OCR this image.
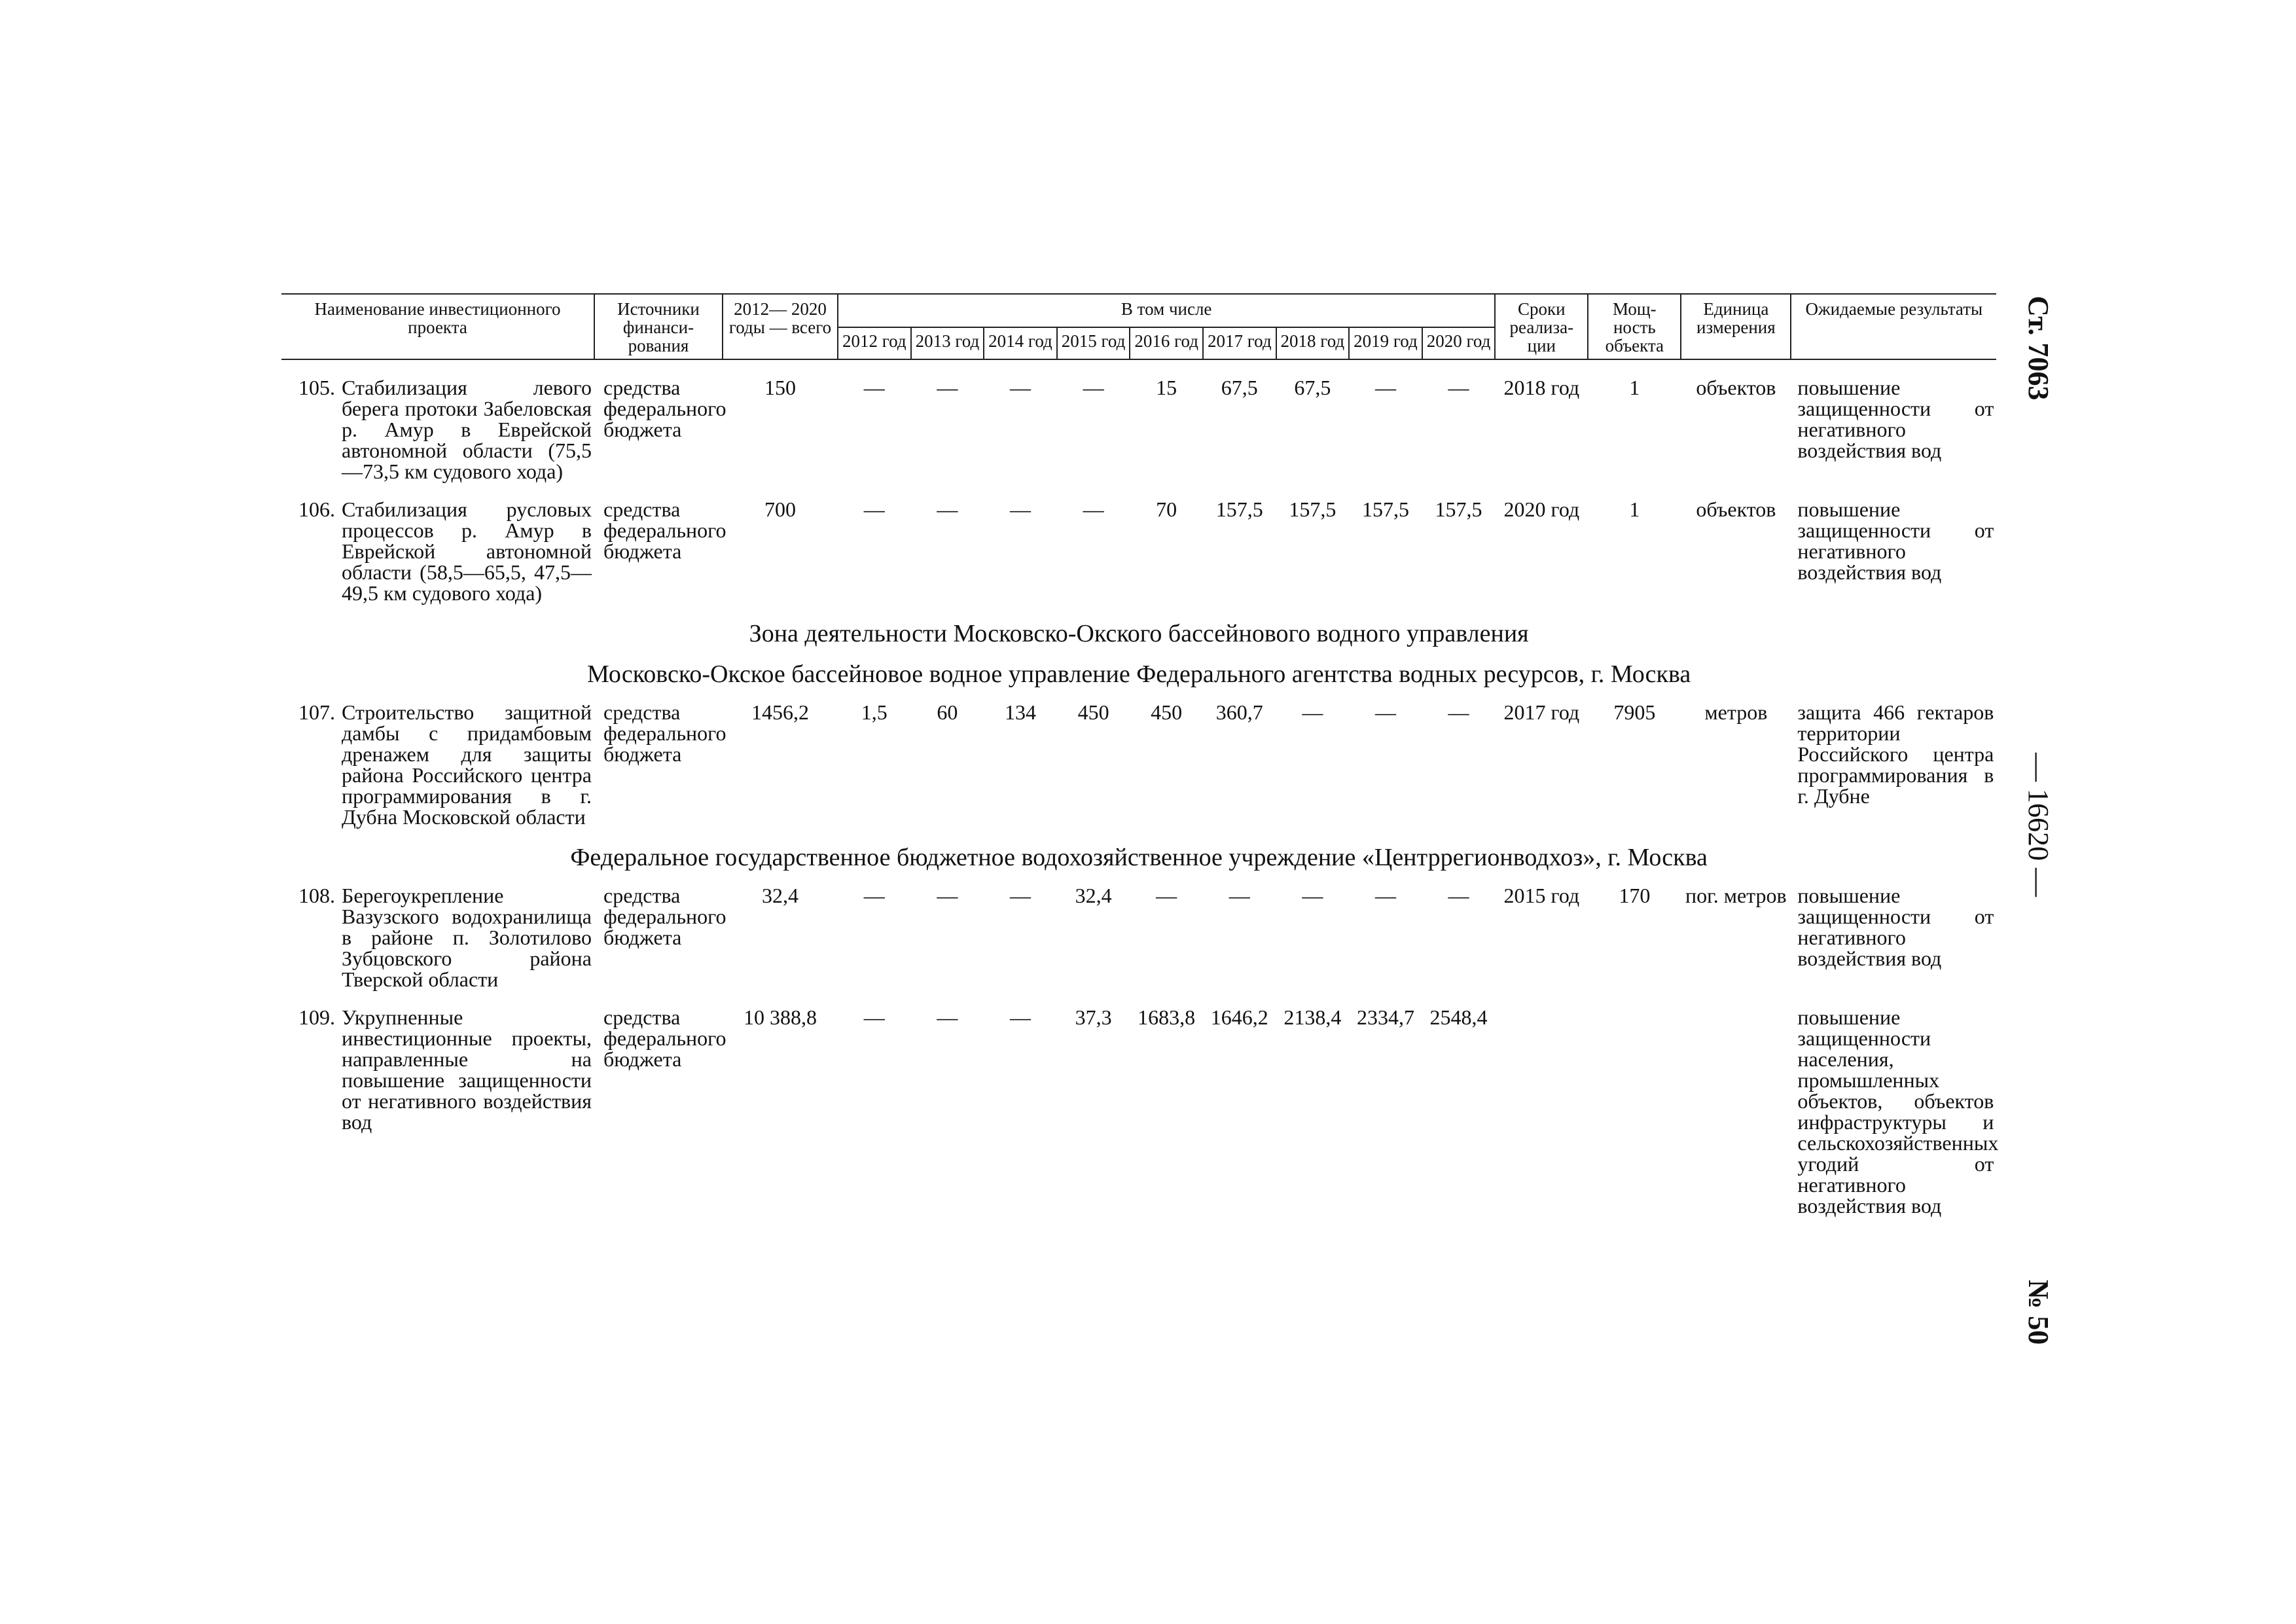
Наименование инвестиционного проекта	Источники финанси- рования	2012— 2020 годы — всего	В том числе									Сроки реализа- ции	Мощ- ность объекта	Единица измерения	Ожидаемые результаты
			2012 год	2013 год	2014 год	2015 год	2016 год	2017 год	2018 год	2019 год	2020 год				

105. Стабилизация левого берега протоки Забеловская р. Амур в Еврейской автономной области (75,5—73,5 км судового хода)	средства федерального бюджета	150	—	—	—	—	15	67,5	67,5	—	—	2018 год	1	объектов	повышение защищенности от негативного воздействия вод

106. Стабилизация русловых процессов р. Амур в Еврейской автономной области (58,5—65,5, 47,5—49,5 км судового хода)	средства федерального бюджета	700	—	—	—	—	70	157,5	157,5	157,5	157,5	2020 год	1	объектов	повышение защищенности от негативного воздействия вод
Зона деятельности Московско-Окского бассейнового водного управления															
Московско-Окское бассейновое водное управление Федерального агентства водных ресурсов, г. Москва															

107. Строительство защитной дамбы с придамбовым дренажем для защиты района Российского центра программирования в г. Дубна Московской области	средства федерального бюджета	1456,2	1,5	60	134	450	450	360,7	—	—	—	2017 год	7905	метров	защита 466 гектаров территории Российского центра программирования в г. Дубне
Федеральное государственное бюджетное водохозяйственное учреждение «Центррегионводхоз», г. Москва															

108. Берегоукрепление Вазузского водохранилища в районе п. Золотилово Зубцовского района Тверской области	средства федерального бюджета	32,4	—	—	—	32,4	—	—	—	—	—	2015 год	170	пог. метров	повышение защищенности от негативного воздействия вод

109. Укрупненные инвестиционные проекты, направленные на повышение защищенности от негативного воздействия вод	средства федерального бюджета	10 388,8	—	—	—	37,3	1683,8	1646,2	2138,4	2334,7	2548,4				повышение защищенности населения, промышленных объектов, объектов инфраструктуры и сельскохозяйственных угодий от негативного воздействия вод
Ст. 7063
— 16620 —
№ 50
